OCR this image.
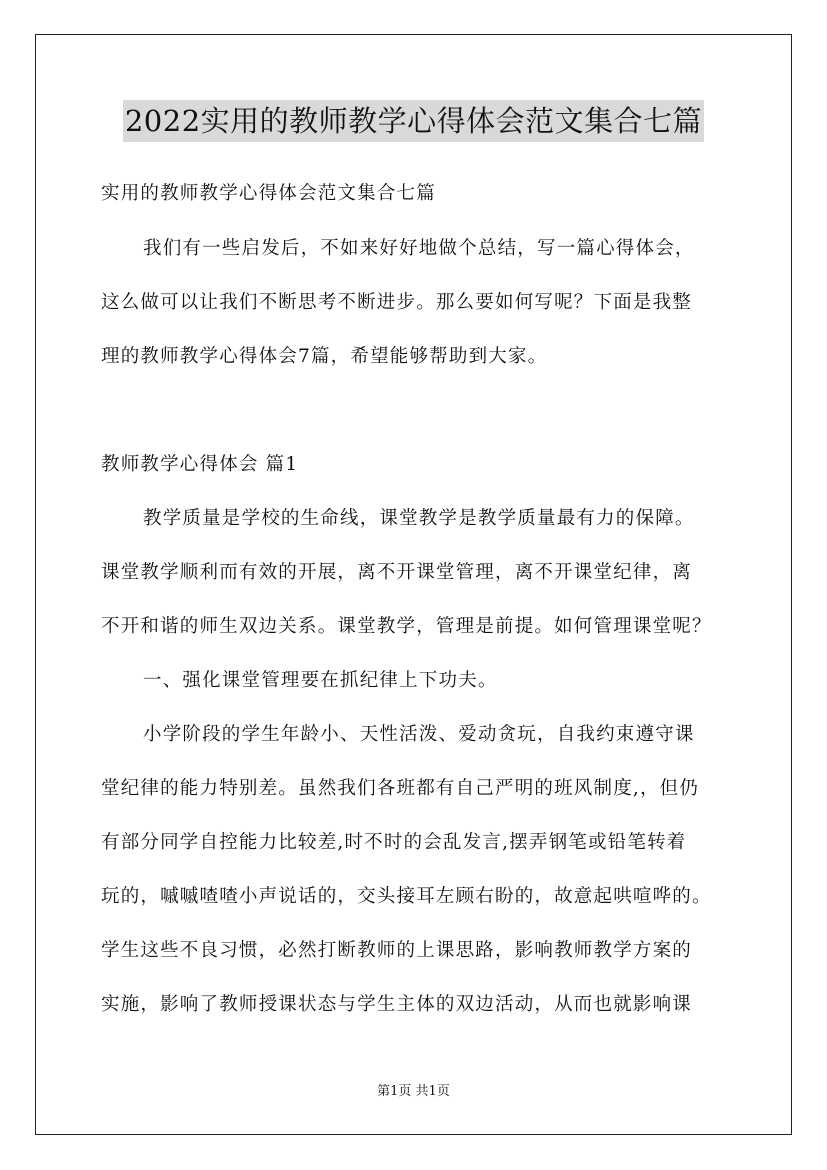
2022实用的教师教学心得体会范文集合七篇
实用的教师教学心得体会范文集合七篇
我们有一些启发后，不如来好好地做个总结，写一篇心得体会，
这么做可以让我们不断思考不断进步。那么要如何写呢？下面是我整
理的教师教学心得体会7篇，希望能够帮助到大家。
教师教学心得体会 篇1
教学质量是学校的生命线，课堂教学是教学质量最有力的保障。
课堂教学顺利而有效的开展，离不开课堂管理，离不开课堂纪律，离
不开和谐的师生双边关系。课堂教学，管理是前提。如何管理课堂呢？
一、强化课堂管理要在抓纪律上下功夫。
小学阶段的学生年龄小、天性活泼、爱动贪玩，自我约束遵守课
堂纪律的能力特别差。虽然我们各班都有自己严明的班风制度,，但仍
有部分同学自控能力比较差,时不时的会乱发言,摆弄钢笔或铅笔转着
玩的，嘁嘁喳喳小声说话的，交头接耳左顾右盼的，故意起哄喧哗的。
学生这些不良习惯，必然打断教师的上课思路，影响教师教学方案的
实施，影响了教师授课状态与学生主体的双边活动，从而也就影响课
第1页 共1页
